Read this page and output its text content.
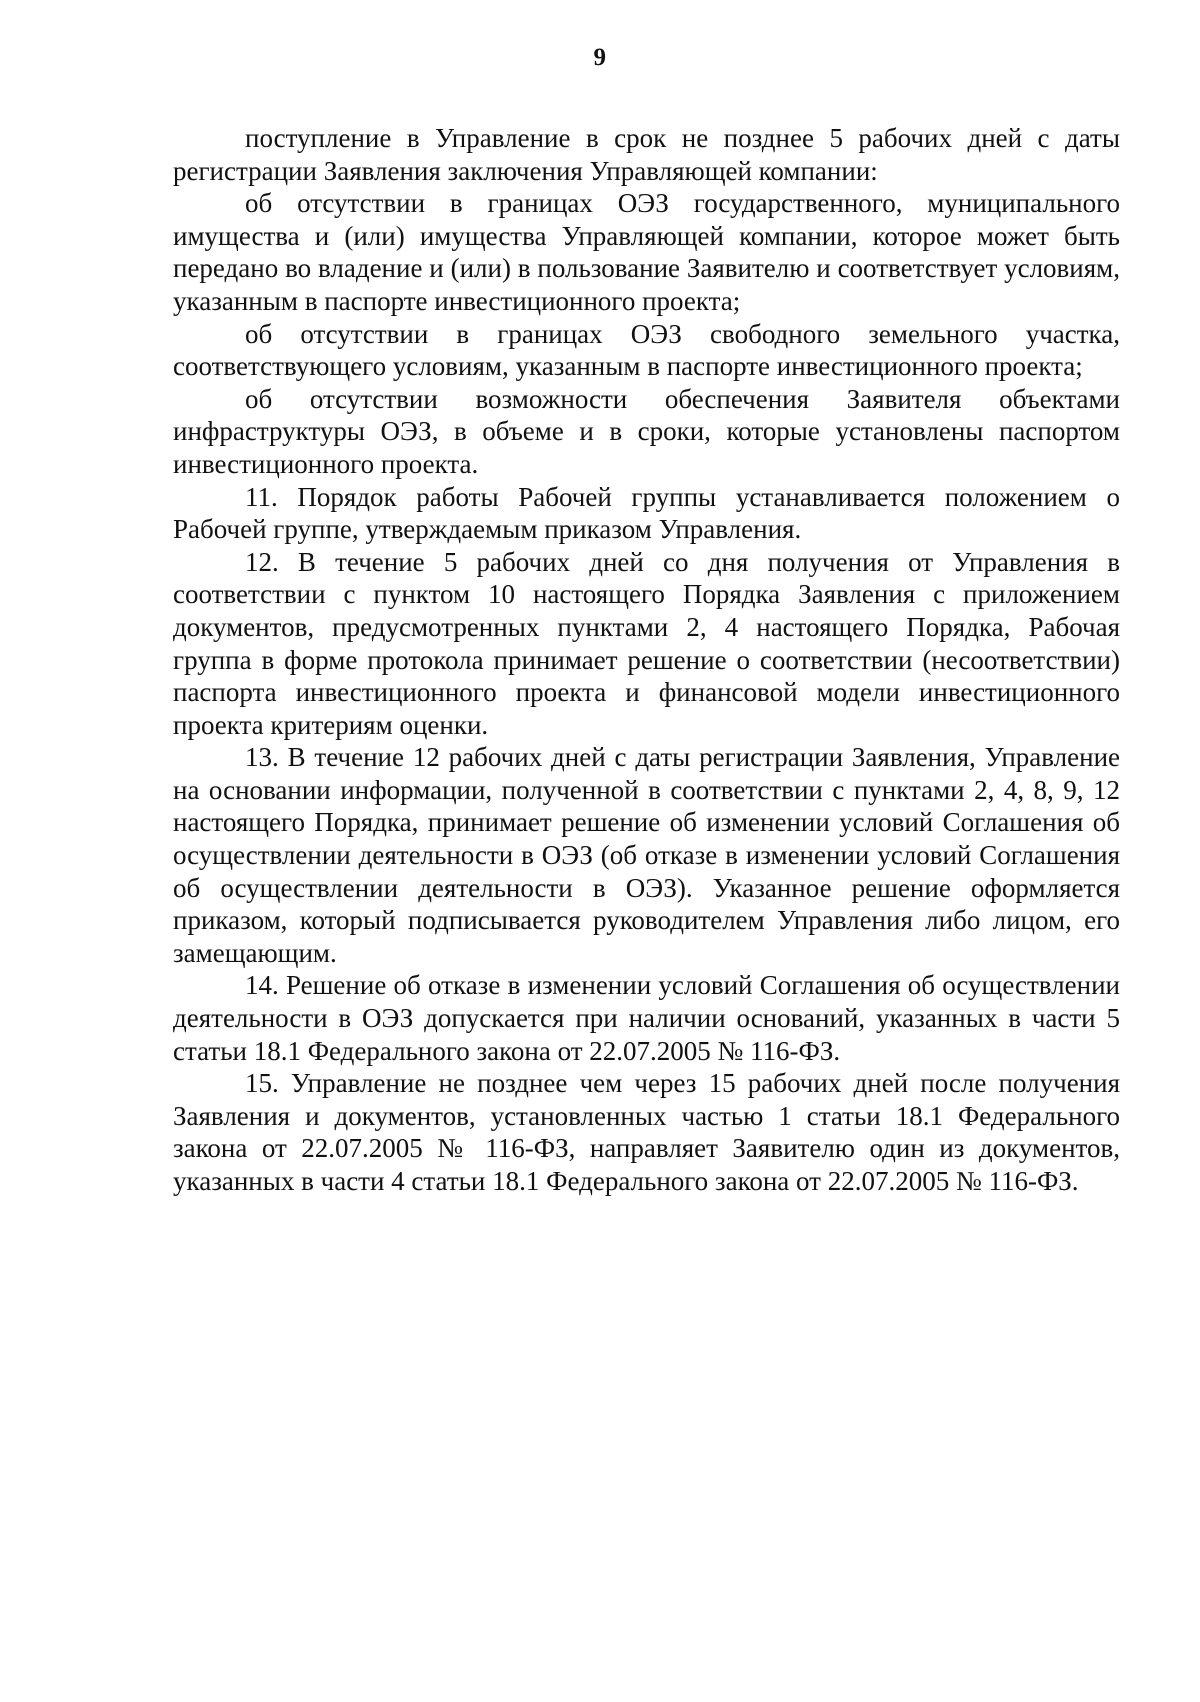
9

поступление в Управление в срок не позднее 5 рабочих дней с даты регистрации Заявления заключения Управляющей компании:

об отсутствии в границах ОЭЗ государственного, муниципального имущества и (или) имущества Управляющей компании, которое может быть передано во владение и (или) в пользование Заявителю и соответствует условиям, указанным в паспорте инвестиционного проекта;

об отсутствии в границах ОЭЗ свободного земельного участка, соответствующего условиям, указанным в паспорте инвестиционного проекта;

об отсутствии возможности обеспечения Заявителя объектами инфраструктуры ОЭЗ, в объеме и в сроки, которые установлены паспортом инвестиционного проекта.

11. Порядок работы Рабочей группы устанавливается положением о Рабочей группе, утверждаемым приказом Управления.

12. В течение 5 рабочих дней со дня получения от Управления в соответствии с пунктом 10 настоящего Порядка Заявления с приложением документов, предусмотренных пунктами 2, 4 настоящего Порядка, Рабочая группа в форме протокола принимает решение о соответствии (несоответствии) паспорта инвестиционного проекта и финансовой модели инвестиционного проекта критериям оценки.

13. В течение 12 рабочих дней с даты регистрации Заявления, Управление на основании информации, полученной в соответствии с пунктами 2, 4, 8, 9, 12 настоящего Порядка, принимает решение об изменении условий Соглашения об осуществлении деятельности в ОЭЗ (об отказе в изменении условий Соглашения об осуществлении деятельности в ОЭЗ). Указанное решение оформляется приказом, который подписывается руководителем Управления либо лицом, его замещающим.

14. Решение об отказе в изменении условий Соглашения об осуществлении деятельности в ОЭЗ допускается при наличии оснований, указанных в части 5 статьи 18.1 Федерального закона от 22.07.2005 № 116-ФЗ.

15. Управление не позднее чем через 15 рабочих дней после получения Заявления и документов, установленных частью 1 статьи 18.1 Федерального закона от 22.07.2005 № 116-ФЗ, направляет Заявителю один из документов, указанных в части 4 статьи 18.1 Федерального закона от 22.07.2005 № 116-ФЗ.
